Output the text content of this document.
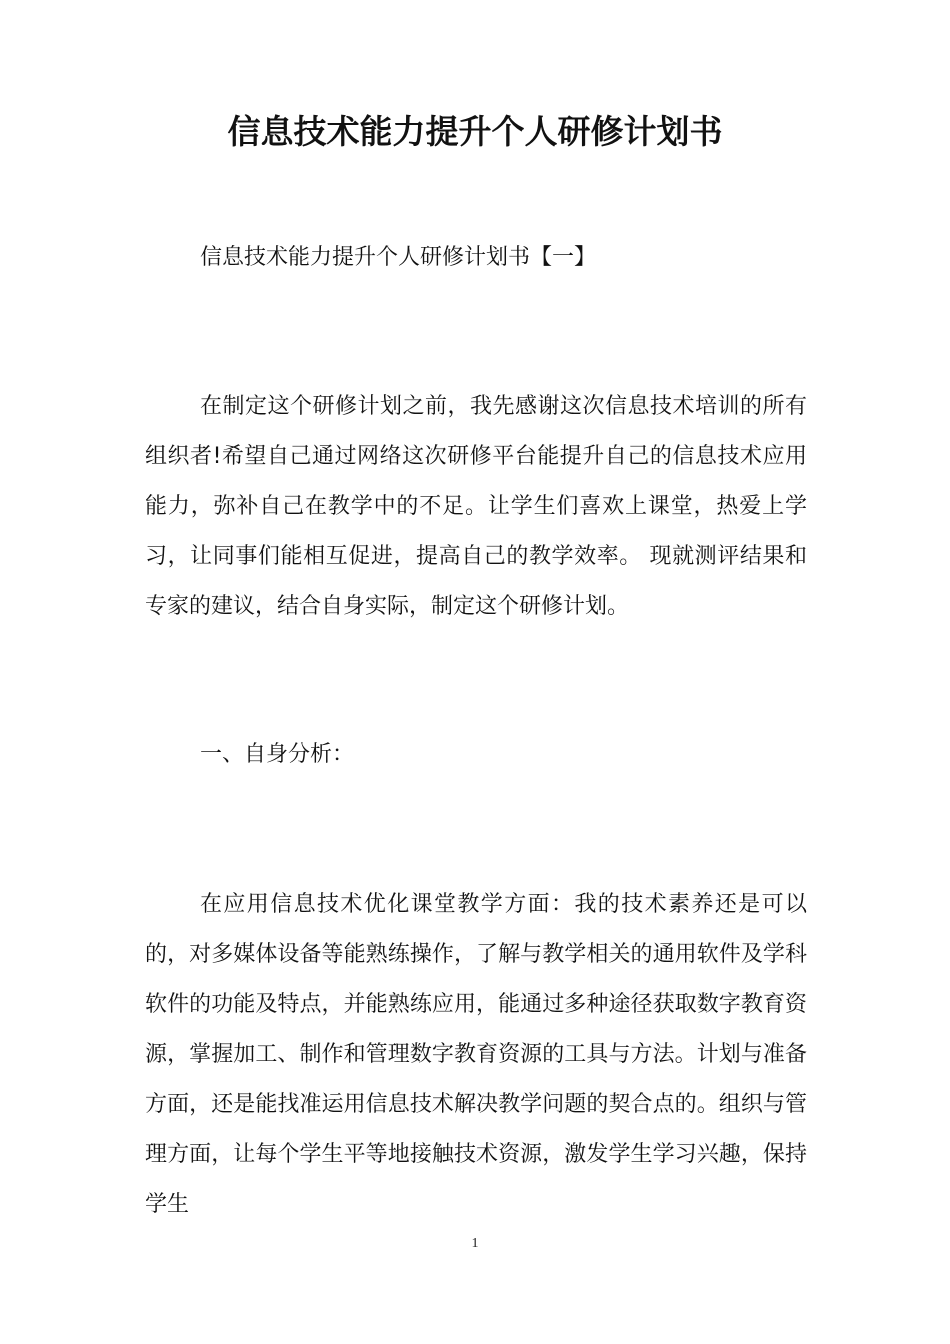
信息技术能力提升个人研修计划书

信息技术能力提升个人研修计划书【一】

在制定这个研修计划之前，我先感谢这次信息技术培训的所有组织者!希望自己通过网络这次研修平台能提升自己的信息技术应用能力，弥补自己在教学中的不足。让学生们喜欢上课堂，热爱上学习，让同事们能相互促进，提高自己的教学效率。 现就测评结果和专家的建议，结合自身实际，制定这个研修计划。

一、自身分析：

在应用信息技术优化课堂教学方面：我的技术素养还是可以的，对多媒体设备等能熟练操作，了解与教学相关的通用软件及学科软件的功能及特点，并能熟练应用，能通过多种途径获取数字教育资源，掌握加工、制作和管理数字教育资源的工具与方法。计划与准备方面，还是能找准运用信息技术解决教学问题的契合点的。组织与管理方面，让每个学生平等地接触技术资源，激发学生学习兴趣，保持学生

1
